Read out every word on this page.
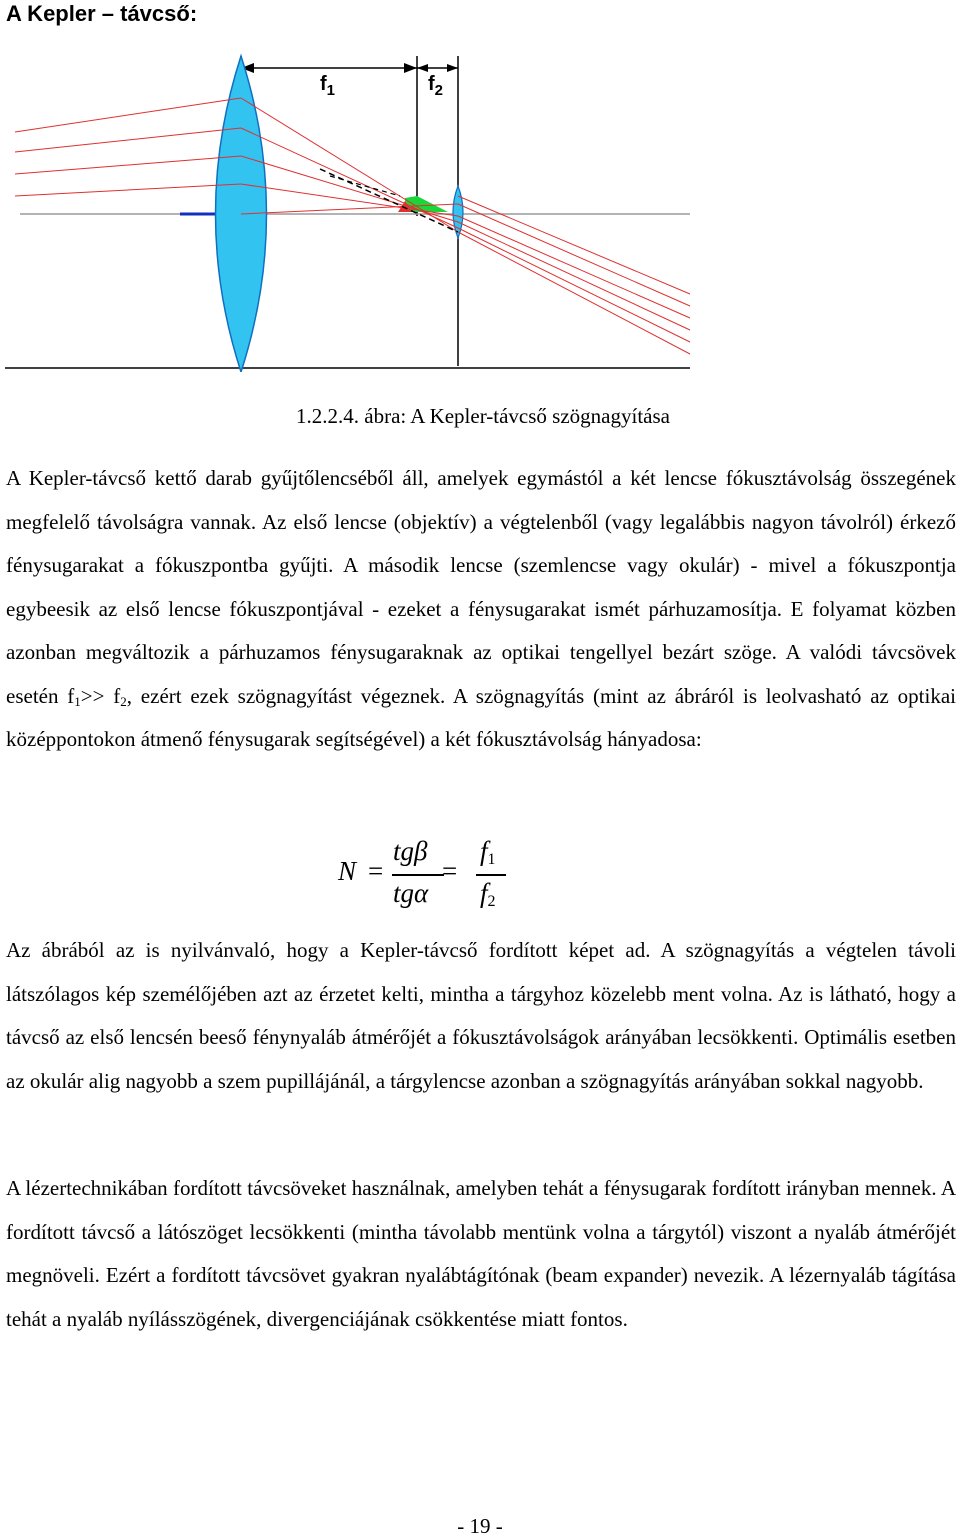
A Kepler – távcső:
$f_1$	$f_2$
1.2.2.4. ábra: A Kepler-távcső szögnagyítása

A Kepler-távcső kettő darab gyűjtőlencséből áll, amelyek egymástól a két lencse fókusztávolság összegének megfelelő távolságra vannak. Az első lencse (objektív) a végtelenből (vagy legalábbis nagyon távolról) érkező fénysugarakat a fókuszpontba gyűjti. A második lencse (szemlencse vagy okulár) - mivel a fókuszpontja egybeesik az első lencse fókuszpontjával - ezeket a fénysugarakat ismét párhuzamosítja. E folyamat közben azonban megváltozik a párhuzamos fénysugaraknak az optikai tengellyel bezárt szöge. A valódi távcsövek esetén $f_1>> f_2$, ezért ezek szögnagyítást végeznek. A szögnagyítás (mint az ábráról is leolvasható az optikai középpontokon átmenő fénysugarak segítségével) a két fókusztávolság hányadosa:

N =
tgβ
tgα
=
f1
f2

Az ábrából az is nyilvánvaló, hogy a Kepler-távcső fordított képet ad. A szögnagyítás a végtelen távoli látszólagos kép személőjében azt az érzetet kelti, mintha a tárgyhoz közelebb ment volna. Az is látható, hogy a távcső az első lencsén beeső fénynyaláb átmérőjét a fókusztávolságok arányában lecsökkenti. Optimális esetben az okulár alig nagyobb a szem pupillájánál, a tárgylencse azonban a szögnagyítás arányában sokkal nagyobb.

A lézertechnikában fordított távcsöveket használnak, amelyben tehát a fénysugarak fordított irányban mennek. A fordított távcső a látószöget lecsökkenti (mintha távolabb mentünk volna a tárgytól) viszont a nyaláb átmérőjét megnöveli. Ezért a fordított távcsövet gyakran nyalábtágítónak (beam expander) nevezik. A lézernyaláb tágítása tehát a nyaláb nyílásszögének, divergenciájának csökkentése miatt fontos.

- 19 -
